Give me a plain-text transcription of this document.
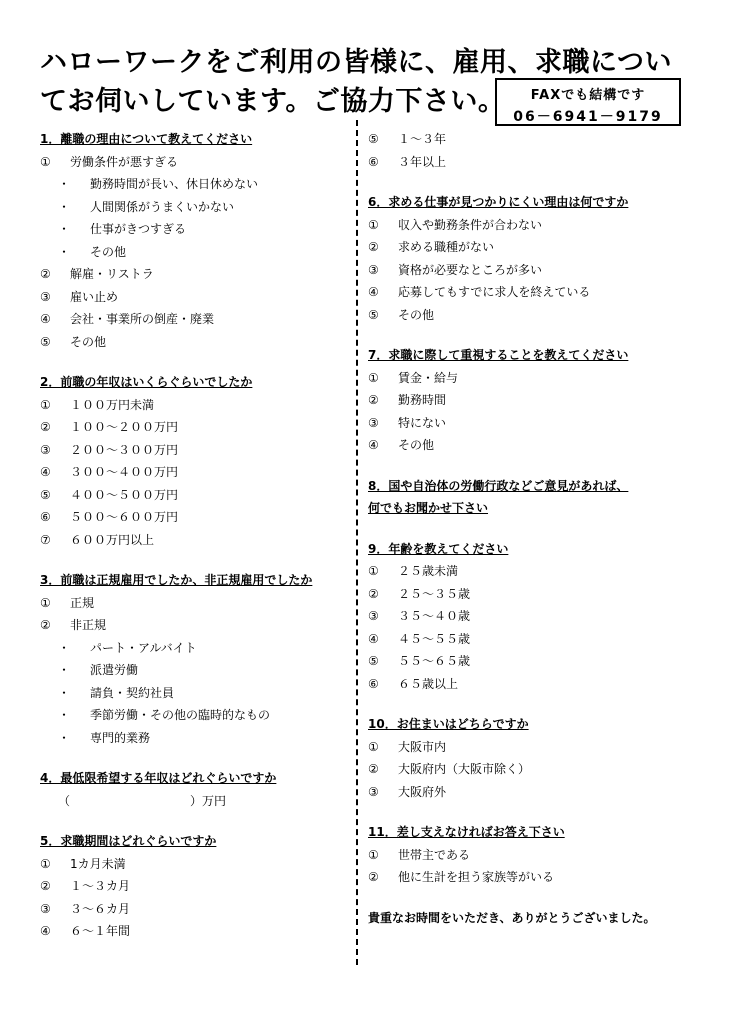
ハローワークをご利用の皆様に、雇用、求職につい
てお伺いしています。ご協力下さい。	FAXでも結構です
06－6941－9179
1．離職の理由について教えてください
①	労働条件が悪すぎる
・	勤務時間が長い、休日休めない
・	人間関係がうまくいかない
・	仕事がきつすぎる
・	その他
②	解雇・リストラ
③	雇い止め
④	会社・事業所の倒産・廃業
⑤	その他
2．前職の年収はいくらぐらいでしたか
①	１００万円未満
②	１００～２００万円
③	２００～３００万円
④	３００～４００万円
⑤	４００～５００万円
⑥	５００～６００万円
⑦	６００万円以上
3．前職は正規雇用でしたか、非正規雇用でしたか
①	正規
②	非正規
・	パート・アルバイト
・	派遣労働
・	請負・契約社員
・	季節労働・その他の臨時的なもの
・	専門的業務
4．最低限希望する年収はどれぐらいですか
（　　　　　　　　　　）万円
5．求職期間はどれぐらいですか
①	1カ月未満
②	１～３カ月
③	３～６カ月
④	６～１年間
⑤	１～３年
⑥	３年以上
6．求める仕事が見つかりにくい理由は何ですか
①	収入や勤務条件が合わない
②	求める職種がない
③	資格が必要なところが多い
④	応募してもすでに求人を終えている
⑤	その他
7．求職に際して重視することを教えてください
①	賃金・給与
②	勤務時間
③	特にない
④	その他
8．国や自治体の労働行政などご意見があれば、
何でもお聞かせ下さい
9．年齢を教えてください
①	２５歳未満
②	２５～３５歳
③	３５～４０歳
④	４５～５５歳
⑤	５５～６５歳
⑥	６５歳以上
10．お住まいはどちらですか
①	大阪市内
②	大阪府内（大阪市除く）
③	大阪府外
11．差し支えなければお答え下さい
①	世帯主である
②	他に生計を担う家族等がいる
貴重なお時間をいただき、ありがとうございました。
